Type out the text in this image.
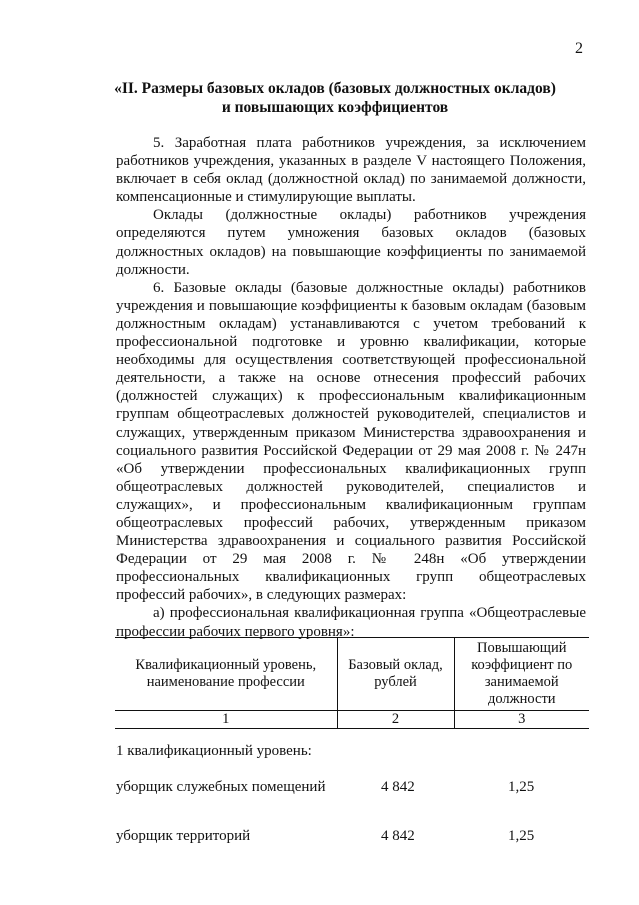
2
«II. Размеры базовых окладов (базовых должностных окладов)
и повышающих коэффициентов

5. Заработная плата работников учреждения, за исключением работников учреждения, указанных в разделе V настоящего Положения, включает в себя оклад (должностной оклад) по занимаемой должности, компенсационные и стимулирующие выплаты.

Оклады (должностные оклады) работников учреждения определяются путем умножения базовых окладов (базовых должностных окладов) на повышающие коэффициенты по занимаемой должности.

6. Базовые оклады (базовые должностные оклады) работников учреждения и повышающие коэффициенты к базовым окладам (базовым должностным окладам) устанавливаются с учетом требований к профессиональной подготовке и уровню квалификации, которые необходимы для осуществления соответствующей профессиональной деятельности, а также на основе отнесения профессий рабочих (должностей служащих) к профессиональным квалификационным группам общеотраслевых должностей руководителей, специалистов и служащих, утвержденным приказом Министерства здравоохранения и социального развития Российской Федерации от 29 мая 2008 г. № 247н «Об утверждении профессиональных квалификационных групп общеотраслевых должностей руководителей, специалистов и служащих», и профессиональным квалификационным группам общеотраслевых профессий рабочих, утвержденным приказом Министерства здравоохранения и социального развития Российской Федерации от 29 мая 2008 г. № 248н «Об утверждении профессиональных квалификационных групп общеотраслевых профессий рабочих», в следующих размерах:

а) профессиональная квалификационная группа «Общеотраслевые профессии рабочих первого уровня»:

Квалификационный уровень, наименование профессии	Базовый оклад, рублей	Повышающий коэффициент по занимаемой должности
1	2	3
1 квалификационный уровень:
уборщик служебных помещений	4 842	1,25
уборщик территорий	4 842	1,25
